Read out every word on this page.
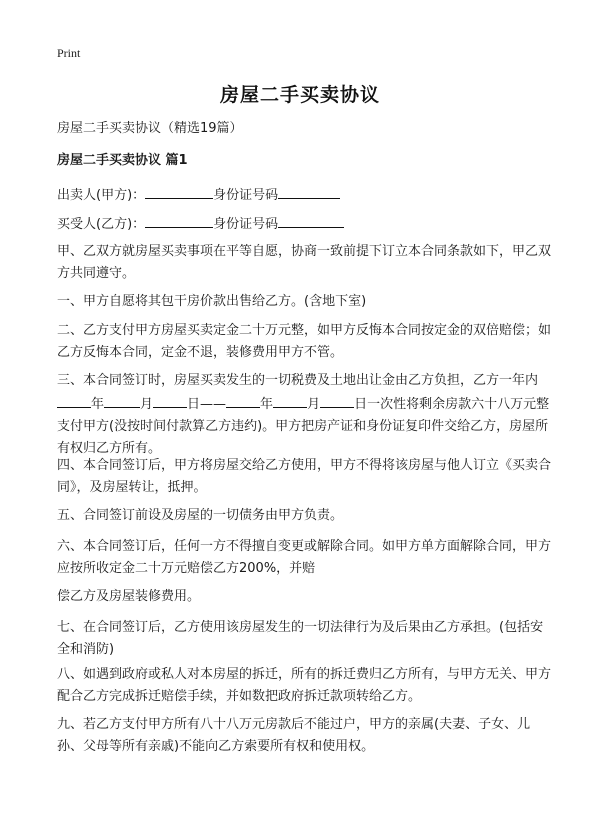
Print
房屋二手买卖协议
房屋二手买卖协议（精选19篇）
房屋二手买卖协议 篇1
出卖人(甲方)：	身份证号码
买受人(乙方)：	身份证号码
甲、乙双方就房屋买卖事项在平等自愿，协商一致前提下订立本合同条款如下，甲乙双方共同遵守。
一、甲方自愿将其包干房价款出售给乙方。(含地下室)
二、乙方支付甲方房屋买卖定金二十万元整，如甲方反悔本合同按定金的双倍赔偿；如乙方反悔本合同，定金不退，装修费用甲方不管。
三、本合同签订时，房屋买卖发生的一切税费及土地出让金由乙方负担，乙方一年内年	月	日——	年	月	日一次性将剩余房款六十八万元整支付甲方(没按时间付款算乙方违约)。甲方把房产证和身份证复印件交给乙方，房屋所有权归乙方所有。
四、本合同签订后，甲方将房屋交给乙方使用，甲方不得将该房屋与他人订立《买卖合同》，及房屋转让，抵押。
五、合同签订前设及房屋的一切债务由甲方负责。
六、本合同签订后，任何一方不得擅自变更或解除合同。如甲方单方面解除合同，甲方应按所收定金二十万元赔偿乙方200%，并赔
偿乙方及房屋装修费用。
七、在合同签订后，乙方使用该房屋发生的一切法律行为及后果由乙方承担。(包括安全和消防)
八、如遇到政府或私人对本房屋的拆迁，所有的拆迁费归乙方所有，与甲方无关、甲方配合乙方完成拆迁赔偿手续，并如数把政府拆迁款项转给乙方。
九、若乙方支付甲方所有八十八万元房款后不能过户，甲方的亲属(夫妻、子女、儿孙、父母等所有亲戚)不能向乙方索要所有权和使用权。
